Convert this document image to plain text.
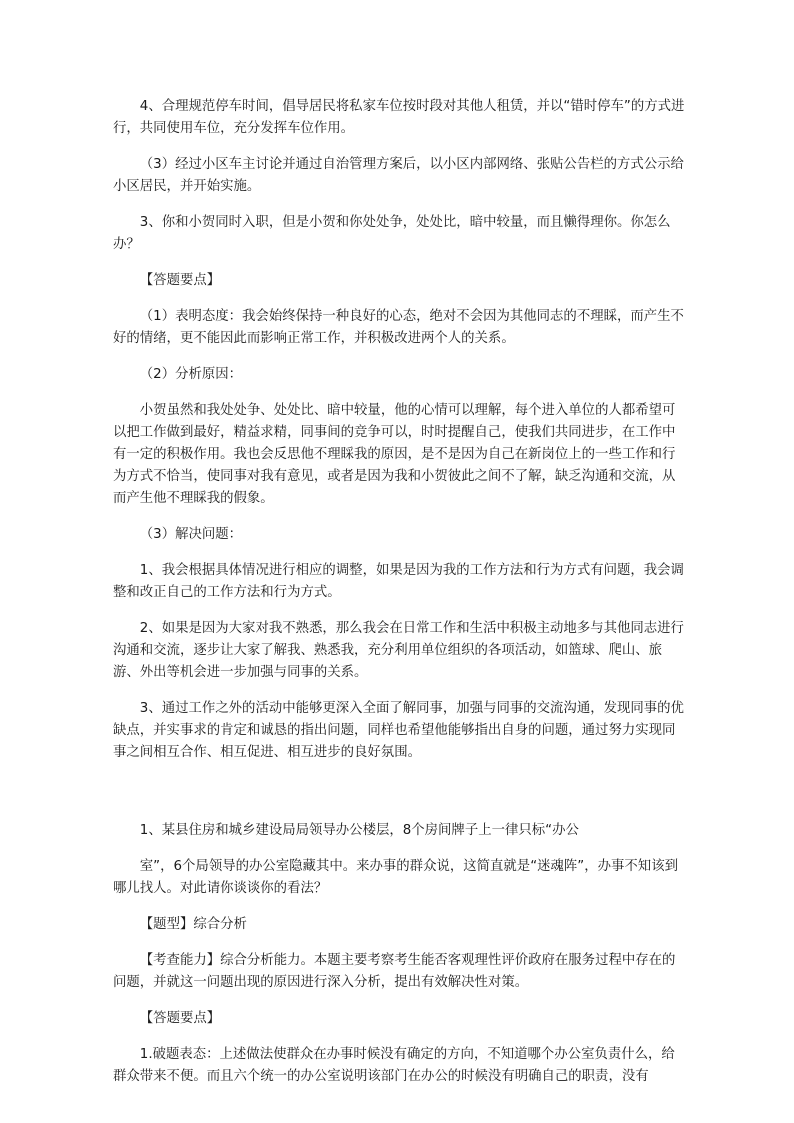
4、合理规范停车时间，倡导居民将私家车位按时段对其他人租赁，并以“错时停车”的方式进行，共同使用车位，充分发挥车位作用。

（3）经过小区车主讨论并通过自治管理方案后，以小区内部网络、张贴公告栏的方式公示给小区居民，并开始实施。

3、你和小贺同时入职，但是小贺和你处处争，处处比，暗中较量，而且懒得理你。你怎么办？

【答题要点】

（1）表明态度：我会始终保持一种良好的心态，绝对不会因为其他同志的不理睬，而产生不好的情绪，更不能因此而影响正常工作，并积极改进两个人的关系。

（2）分析原因：

小贺虽然和我处处争、处处比、暗中较量，他的心情可以理解，每个进入单位的人都希望可以把工作做到最好，精益求精，同事间的竞争可以，时时提醒自己，使我们共同进步，在工作中有一定的积极作用。我也会反思他不理睬我的原因，是不是因为自己在新岗位上的一些工作和行为方式不恰当，使同事对我有意见，或者是因为我和小贺彼此之间不了解，缺乏沟通和交流，从而产生他不理睬我的假象。

（3）解决问题：

1、我会根据具体情况进行相应的调整，如果是因为我的工作方法和行为方式有问题，我会调整和改正自己的工作方法和行为方式。

2、如果是因为大家对我不熟悉，那么我会在日常工作和生活中积极主动地多与其他同志进行沟通和交流，逐步让大家了解我、熟悉我，充分利用单位组织的各项活动，如篮球、爬山、旅游、外出等机会进一步加强与同事的关系。

3、通过工作之外的活动中能够更深入全面了解同事，加强与同事的交流沟通，发现同事的优缺点，并实事求的肯定和诚恳的指出问题，同样也希望他能够指出自身的问题，通过努力实现同事之间相互合作、相互促进、相互进步的良好氛围。

1、某县住房和城乡建设局局领导办公楼层，8个房间牌子上一律只标“办公

室”，6个局领导的办公室隐藏其中。来办事的群众说，这简直就是“迷魂阵”，办事不知该到哪儿找人。对此请你谈谈你的看法？

【题型】综合分析

【考查能力】综合分析能力。本题主要考察考生能否客观理性评价政府在服务过程中存在的问题，并就这一问题出现的原因进行深入分析，提出有效解决性对策。

【答题要点】

1.破题表态：上述做法使群众在办事时候没有确定的方向，不知道哪个办公室负责什么，给群众带来不便。而且六个统一的办公室说明该部门在办公的时候没有明确自己的职责，没有
